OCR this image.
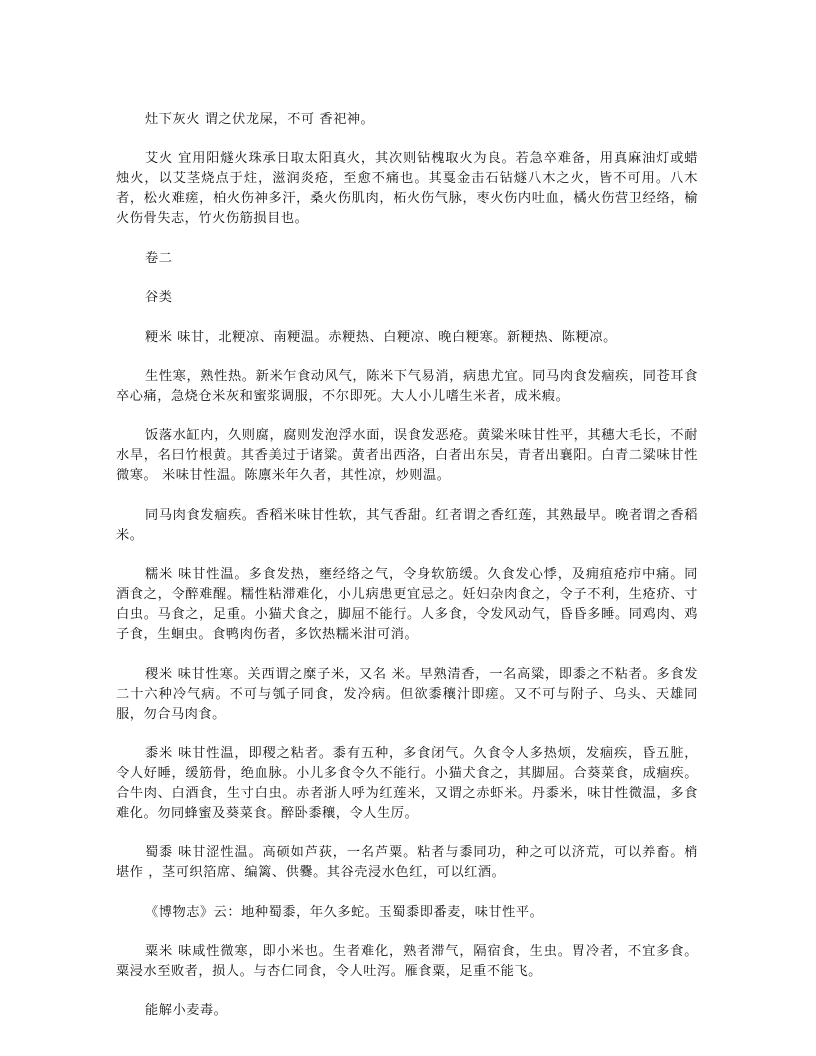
灶下灰火 谓之伏龙屎，不可 香祀神。

艾火 宜用阳燧火珠承日取太阳真火，其次则钻槐取火为良。若急卒难备，用真麻油灯或蜡烛火，以艾茎烧点于炷，滋润炎疮，至愈不痛也。其戛金击石钻燧八木之火，皆不可用。八木者，松火难瘥，柏火伤神多汗，桑火伤肌肉，柘火伤气脉，枣火伤内吐血，橘火伤营卫经络，榆火伤骨失志，竹火伤筋损目也。

卷二

谷类

粳米 味甘，北粳凉、南粳温。赤粳热、白粳凉、晚白粳寒。新粳热、陈粳凉。

生性寒，熟性热。新米乍食动风气，陈米下气易消，病患尤宜。同马肉食发痼疾，同苍耳食卒心痛，急烧仓米灰和蜜浆调服，不尔即死。大人小儿嗜生米者，成米瘕。

饭落水缸内，久则腐，腐则发泡浮水面，误食发恶疮。黄粱米味甘性平，其穗大毛长，不耐水旱，名曰竹根黄。其香美过于诸粱。黄者出西洛，白者出东吴，青者出襄阳。白青二粱味甘性微寒。 米味甘性温。陈廪米年久者，其性凉，炒则温。

同马肉食发痼疾。香稻米味甘性软，其气香甜。红者谓之香红莲，其熟最早。晚者谓之香稻米。

糯米 味甘性温。多食发热，壅经络之气，令身软筋缓。久食发心悸，及痈疽疮疖中痛。同酒食之，令醉难醒。糯性粘滞难化，小儿病患更宜忌之。妊妇杂肉食之，令子不利，生疮疥、寸白虫。马食之，足重。小猫犬食之，脚屈不能行。人多食，令发风动气，昏昏多睡。同鸡肉、鸡子食，生蛔虫。食鸭肉伤者，多饮热糯米泔可消。

稷米 味甘性寒。关西谓之糜子米，又名 米。早熟清香，一名高粱，即黍之不粘者。多食发二十六种冷气病。不可与瓠子同食，发冷病。但欲黍穰汁即瘥。又不可与附子、乌头、天雄同服，勿合马肉食。

黍米 味甘性温，即稷之粘者。黍有五种，多食闭气。久食令人多热烦，发痼疾，昏五脏，令人好睡，缓筋骨，绝血脉。小儿多食令久不能行。小猫犬食之，其脚屈。合葵菜食，成痼疾。合牛肉、白酒食，生寸白虫。赤者浙人呼为红莲米，又谓之赤虾米。丹黍米，味甘性微温，多食难化。勿同蜂蜜及葵菜食。醉卧黍穰，令人生厉。

蜀黍 味甘涩性温。高硕如芦荻，一名芦粟。粘者与黍同功，种之可以济荒，可以养畜。梢堪作 ，茎可织箔席、编篱、供爨。其谷壳浸水色红，可以红酒。

《博物志》云：地种蜀黍，年久多蛇。玉蜀黍即番麦，味甘性平。

粟米 味咸性微寒，即小米也。生者难化，熟者滞气，隔宿食，生虫。胃冷者，不宜多食。粟浸水至败者，损人。与杏仁同食，令人吐泻。雁食粟，足重不能飞。

能解小麦毒。
